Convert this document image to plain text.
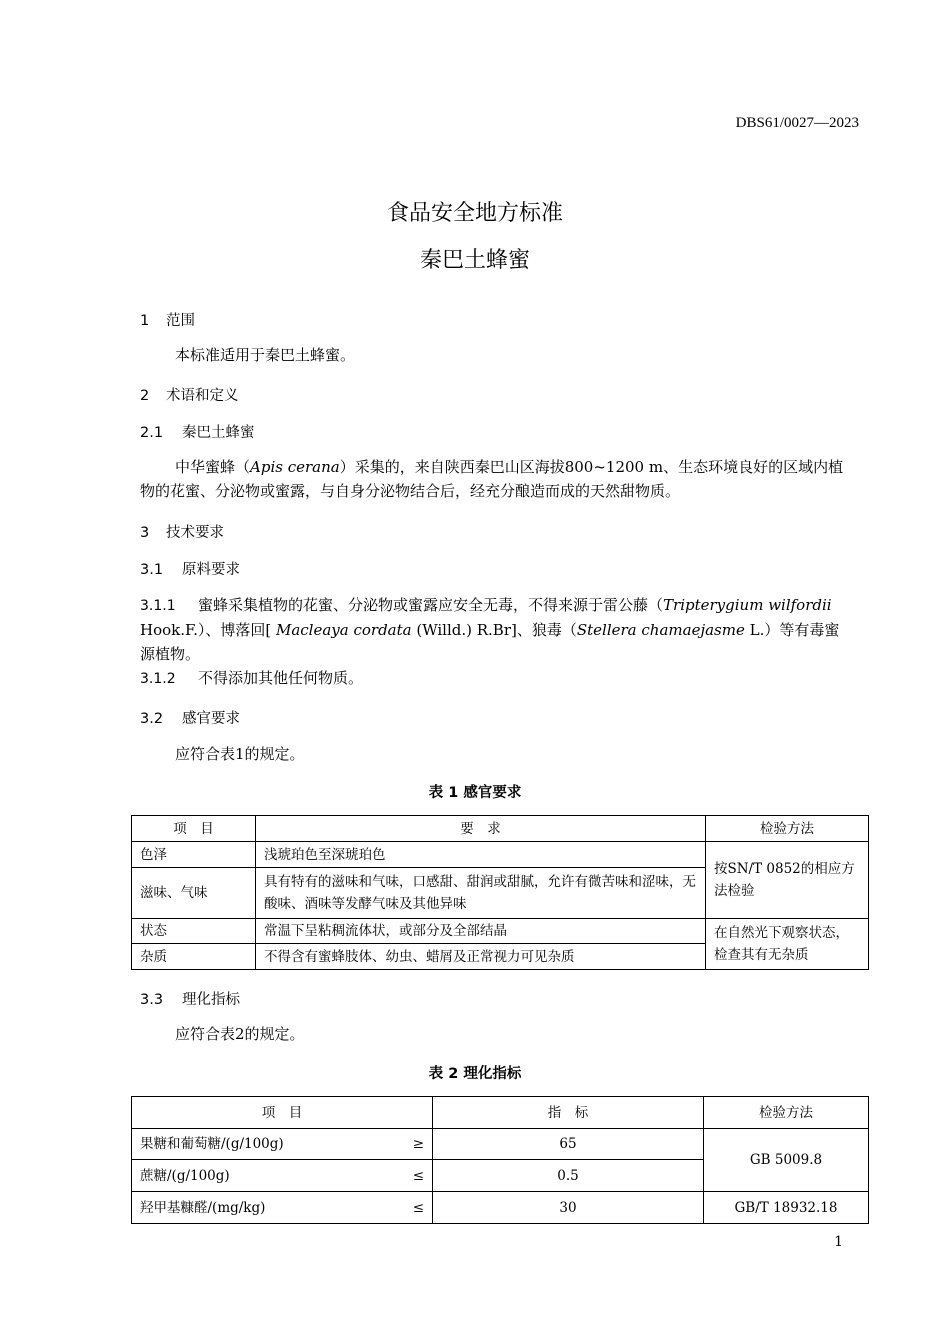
DBS61/0027—2023
食品安全地方标准
秦巴土蜂蜜
1 范围
本标准适用于秦巴土蜂蜜。
2 术语和定义
2.1 秦巴土蜂蜜
中华蜜蜂（Apis cerana）采集的，来自陕西秦巴山区海拔800~1200 m、生态环境良好的区域内植物的花蜜、分泌物或蜜露，与自身分泌物结合后，经充分酿造而成的天然甜物质。
3 技术要求
3.1 原料要求
3.1.1 蜜蜂采集植物的花蜜、分泌物或蜜露应安全无毒，不得来源于雷公藤（Tripterygium wilfordii Hook.F.）、博落回[ Macleaya cordata (Willd.) R.Br]、狼毒（Stellera chamaejasme L.）等有毒蜜源植物。
3.1.2 不得添加其他任何物质。
3.2 感官要求
应符合表1的规定。
表 1 感官要求
项　目	要　求	检验方法
色泽	浅琥珀色至深琥珀色	按SN/T 0852的相应方法检验
滋味、气味	具有特有的滋味和气味，口感甜、甜润或甜腻，允许有微苦味和涩味，无酸味、酒味等发酵气味及其他异味	
状态	常温下呈粘稠流体状，或部分及全部结晶	在自然光下观察状态，检查其有无杂质
杂质	不得含有蜜蜂肢体、幼虫、蜡屑及正常视力可见杂质	
3.3 理化指标
应符合表2的规定。
表 2 理化指标
项　目	指　标	检验方法

果糖和葡萄糖/(g/100g) ≥	65	GB 5009.8

蔗糖/(g/100g) ≤	0.5	

羟甲基糠醛/(mg/kg) ≤	30	GB/T 18932.18
1
